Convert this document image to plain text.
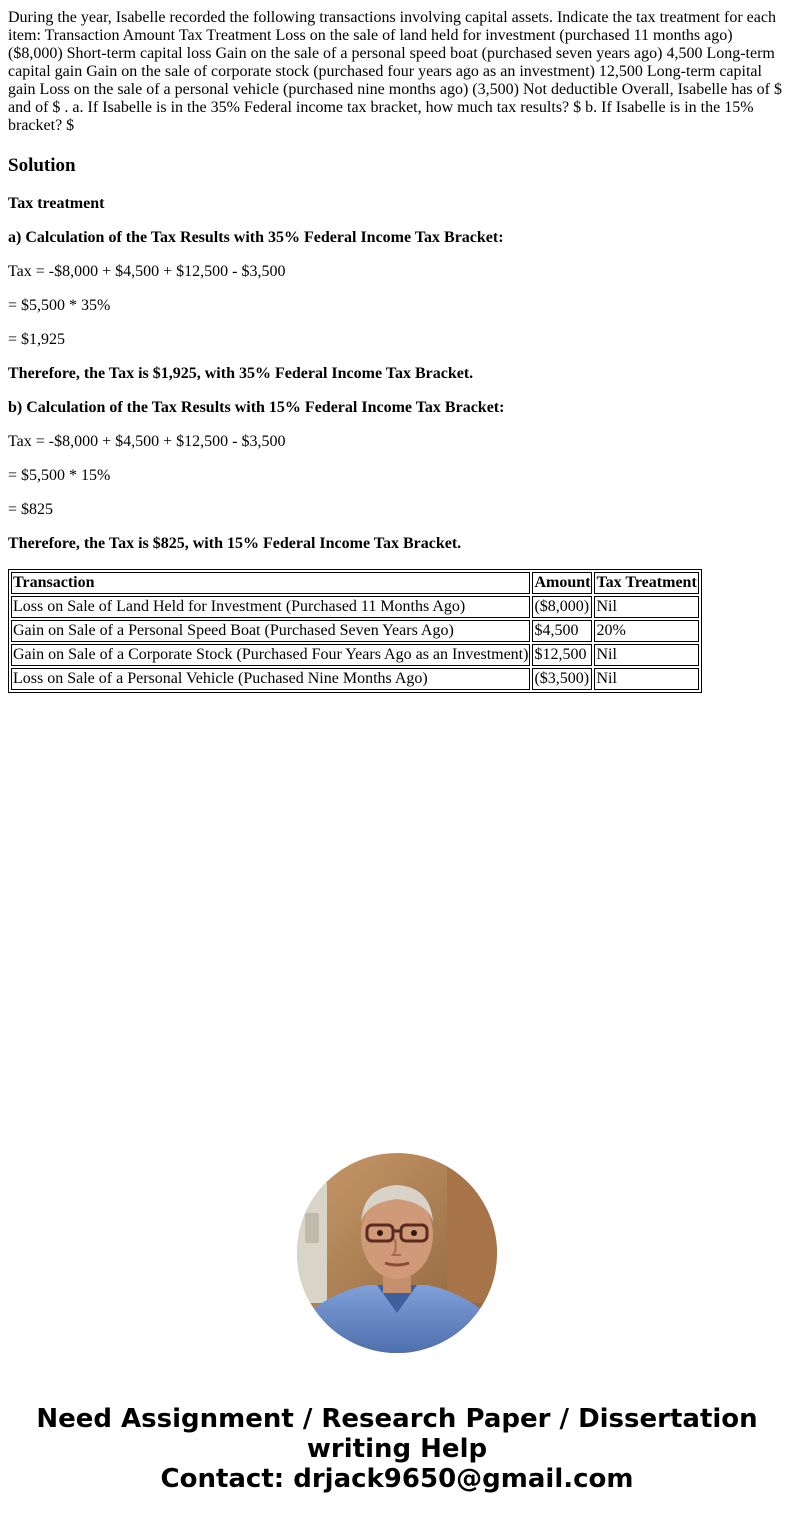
During the year, Isabelle recorded the following transactions involving capital assets. Indicate the tax treatment for each item: Transaction Amount Tax Treatment Loss on the sale of land held for investment (purchased 11 months ago) ($8,000) Short-term capital loss Gain on the sale of a personal speed boat (purchased seven years ago) 4,500 Long-term capital gain Gain on the sale of corporate stock (purchased four years ago as an investment) 12,500 Long-term capital gain Loss on the sale of a personal vehicle (purchased nine months ago) (3,500) Not deductible Overall, Isabelle has of $ and of $ . a. If Isabelle is in the 35% Federal income tax bracket, how much tax results? $ b. If Isabelle is in the 15% bracket? $
Solution

Tax treatment

a) Calculation of the Tax Results with 35% Federal Income Tax Bracket:

Tax = -$8,000 + $4,500 + $12,500 - $3,500

= $5,500 * 35%

= $1,925

Therefore, the Tax is $1,925, with 35% Federal Income Tax Bracket.

b) Calculation of the Tax Results with 15% Federal Income Tax Bracket:

Tax = -$8,000 + $4,500 + $12,500 - $3,500

= $5,500 * 15%

= $825

Therefore, the Tax is $825, with 15% Federal Income Tax Bracket.

Transaction	Amount	Tax Treatment
Loss on Sale of Land Held for Investment (Purchased 11 Months Ago)	($8,000)	Nil
Gain on Sale of a Personal Speed Boat (Purchased Seven Years Ago)	$4,500	20%
Gain on Sale of a Corporate Stock (Purchased Four Years Ago as an Investment)	$12,500	Nil
Loss on Sale of a Personal Vehicle (Puchased Nine Months Ago)	($3,500)	Nil
Need Assignment / Research Paper / Dissertation
writing Help
Contact: drjack9650@gmail.com
